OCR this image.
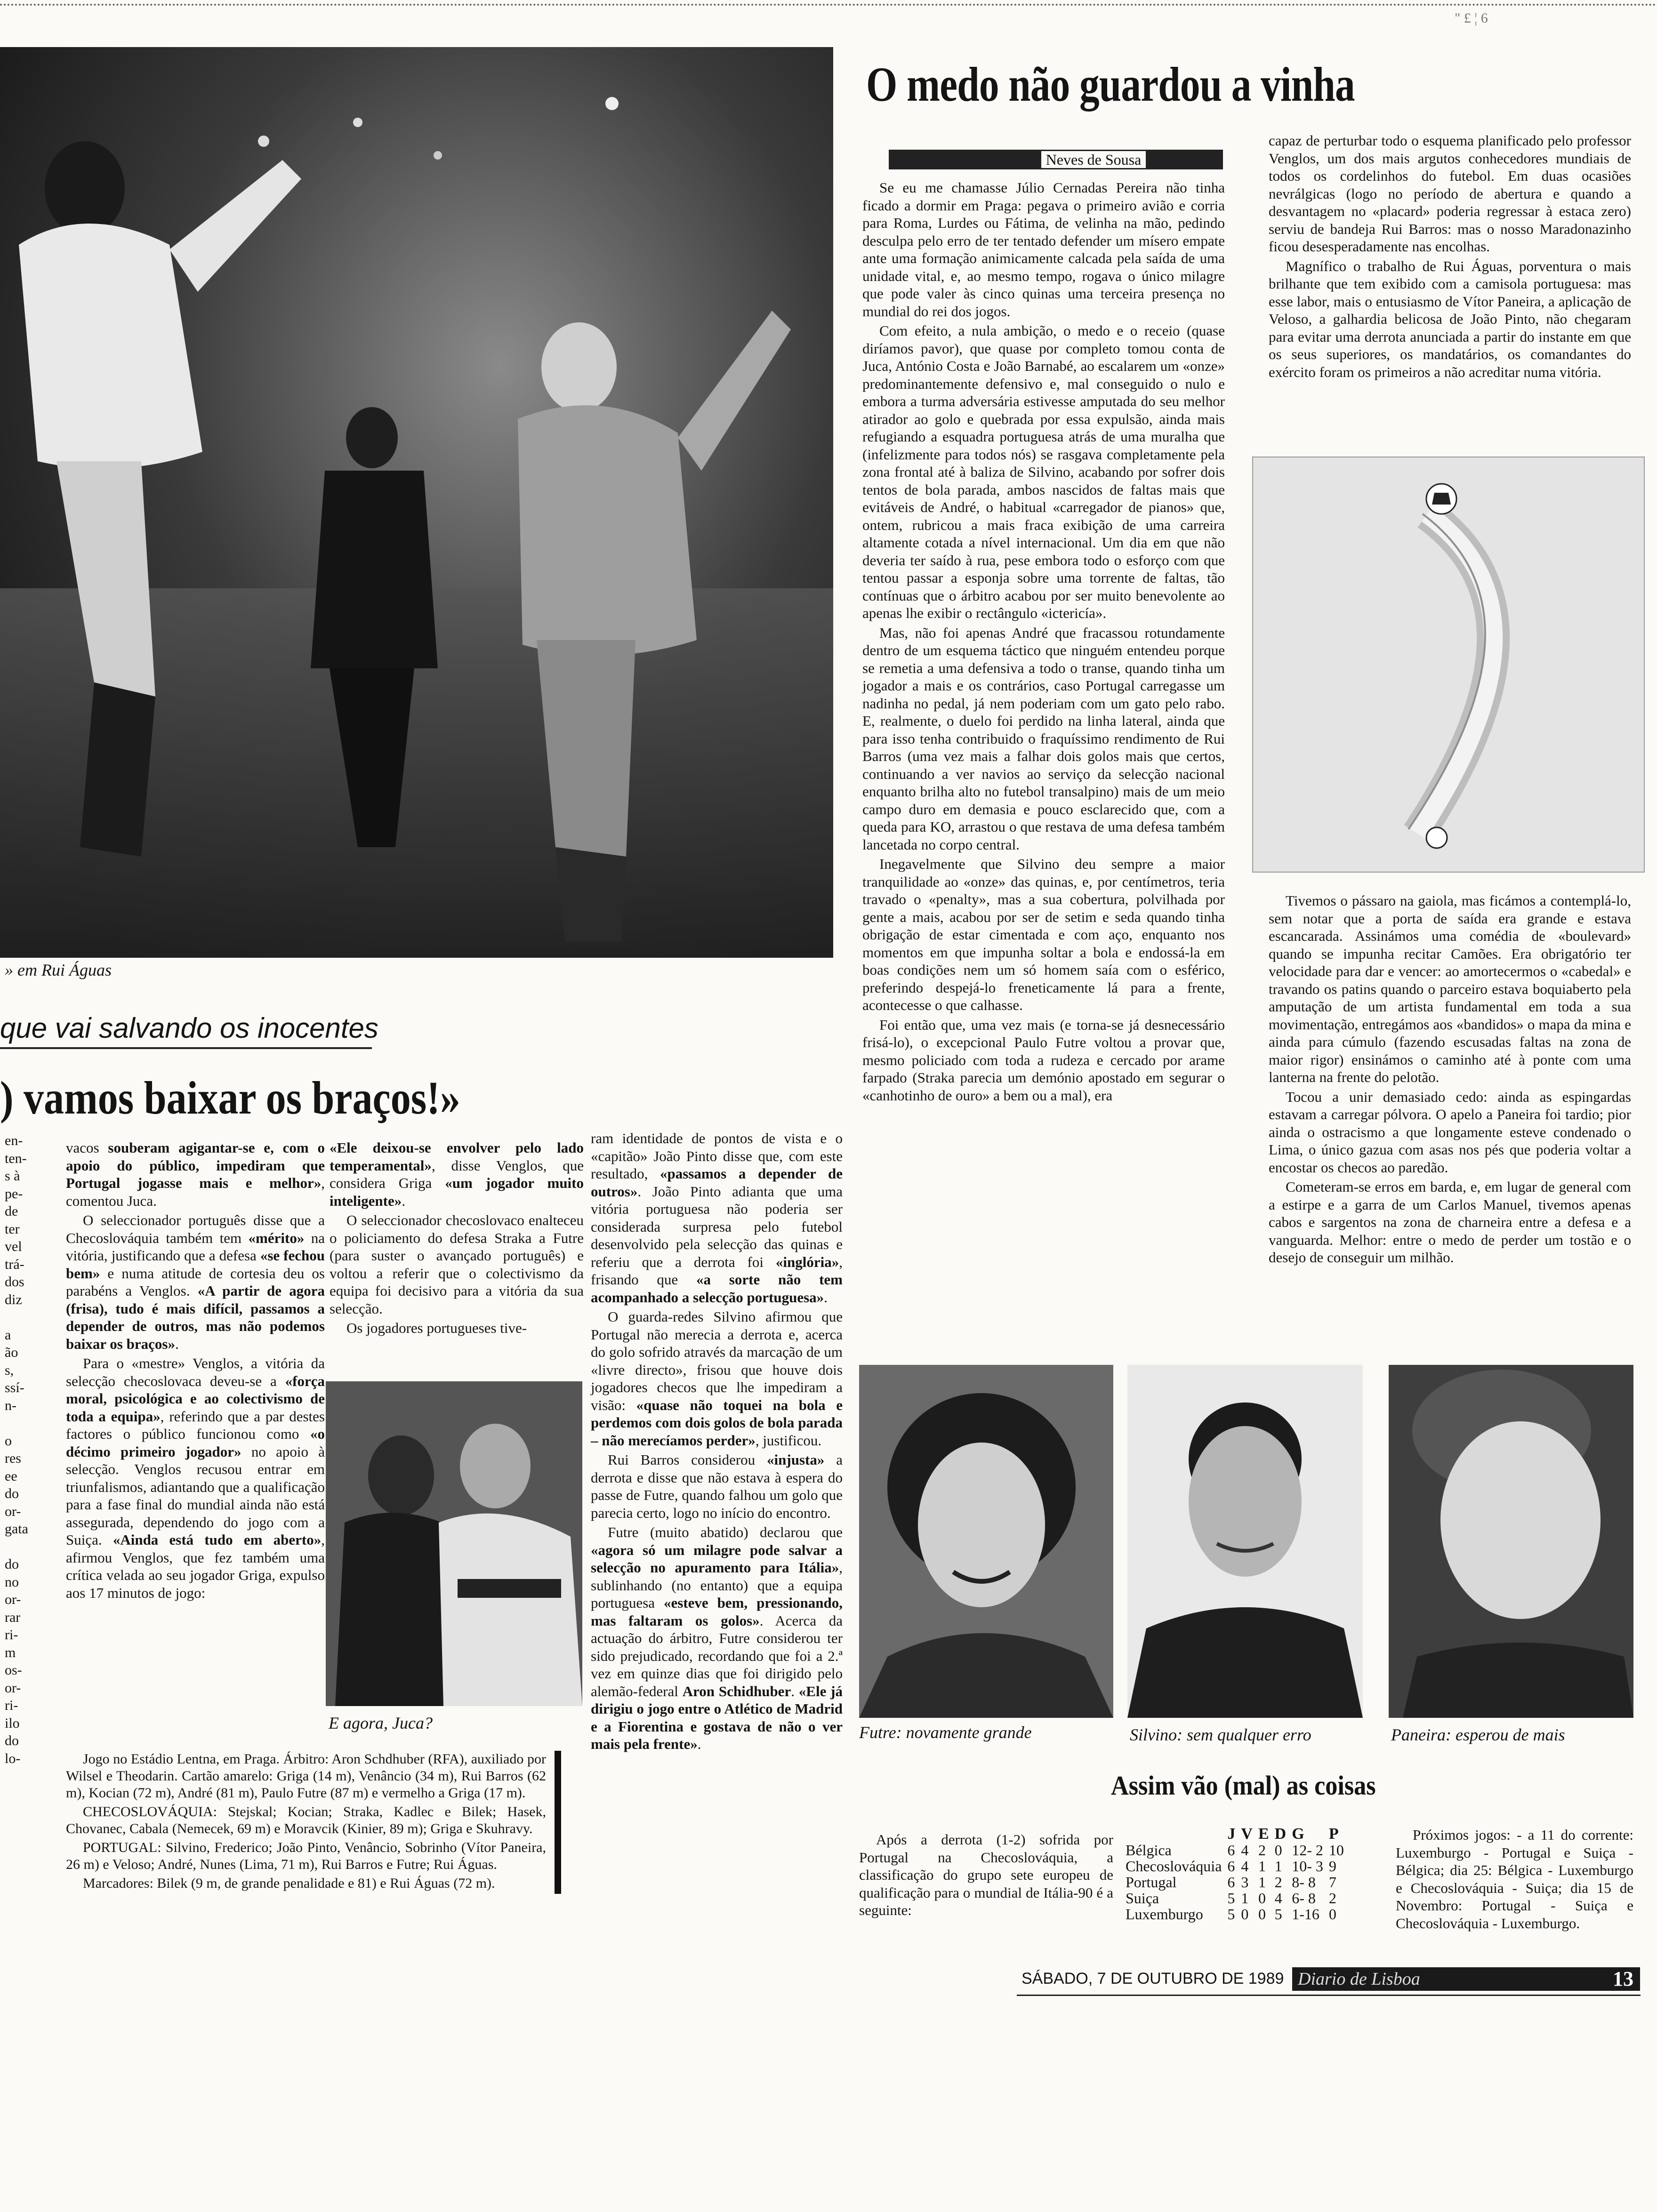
" £ ¦ 6
» em Rui Águas
O medo não guardou a vinha
Neves de Sousa

Se eu me chamasse Júlio Cernadas Pereira não tinha ficado a dormir em Praga: pegava o primeiro avião e corria para Roma, Lurdes ou Fátima, de velinha na mão, pedindo desculpa pelo erro de ter tentado defender um mísero empate ante uma formação animicamente calcada pela saída de uma unidade vital, e, ao mesmo tempo, rogava o único milagre que pode valer às cinco quinas uma terceira presença no mundial do rei dos jogos.

Com efeito, a nula ambição, o medo e o receio (quase diríamos pavor), que quase por completo tomou conta de Juca, António Costa e João Barnabé, ao escalarem um «onze» predominantemente defensivo e, mal conseguido o nulo e embora a turma adversária estivesse amputada do seu melhor atirador ao golo e quebrada por essa expulsão, ainda mais refugiando a esquadra portuguesa atrás de uma muralha que (infelizmente para todos nós) se rasgava completamente pela zona frontal até à baliza de Silvino, acabando por sofrer dois tentos de bola parada, ambos nascidos de faltas mais que evitáveis de André, o habitual «carregador de pianos» que, ontem, rubricou a mais fraca exibição de uma carreira altamente cotada a nível internacional. Um dia em que não deveria ter saído à rua, pese embora todo o esforço com que tentou passar a esponja sobre uma torrente de faltas, tão contínuas que o árbitro acabou por ser muito benevolente ao apenas lhe exibir o rectângulo «ictericía».

Mas, não foi apenas André que fracassou rotundamente dentro de um esquema táctico que ninguém entendeu porque se remetia a uma defensiva a todo o transe, quando tinha um jogador a mais e os contrários, caso Portugal carregasse um nadinha no pedal, já nem poderiam com um gato pelo rabo. E, realmente, o duelo foi perdido na linha lateral, ainda que para isso tenha contribuido o fraquíssimo rendimento de Rui Barros (uma vez mais a falhar dois golos mais que certos, continuando a ver navios ao serviço da selecção nacional enquanto brilha alto no futebol transalpino) mais de um meio campo duro em demasia e pouco esclarecido que, com a queda para KO, arrastou o que restava de uma defesa também lancetada no corpo central.

Inegavelmente que Silvino deu sempre a maior tranquilidade ao «onze» das quinas, e, por centímetros, teria travado o «penalty», mas a sua cobertura, polvilhada por gente a mais, acabou por ser de setim e seda quando tinha obrigação de estar cimentada e com aço, enquanto nos momentos em que impunha soltar a bola e endossá-la em boas condições nem um só homem saía com o esférico, preferindo despejá-lo freneticamente lá para a frente, acontecesse o que calhasse.

Foi então que, uma vez mais (e torna-se já desnecessário frisá-lo), o excepcional Paulo Futre voltou a provar que, mesmo policiado com toda a rudeza e cercado por arame farpado (Straka parecia um demónio apostado em segurar o «canhotinho de ouro» a bem ou a mal), era

capaz de perturbar todo o esquema planificado pelo professor Venglos, um dos mais argutos conhecedores mundiais de todos os cordelinhos do futebol. Em duas ocasiões nevrálgicas (logo no período de abertura e quando a desvantagem no «placard» poderia regressar à estaca zero) serviu de bandeja Rui Barros: mas o nosso Maradonazinho ficou desesperadamente nas encolhas.

Magnífico o trabalho de Rui Águas, porventura o mais brilhante que tem exibido com a camisola portuguesa: mas esse labor, mais o entusiasmo de Vítor Paneira, a aplicação de Veloso, a galhardia belicosa de João Pinto, não chegaram para evitar uma derrota anunciada a partir do instante em que os seus superiores, os mandatários, os comandantes do exército foram os primeiros a não acreditar numa vitória.

Tivemos o pássaro na gaiola, mas ficámos a contemplá-lo, sem notar que a porta de saída era grande e estava escancarada. Assinámos uma comédia de «boulevard» quando se impunha recitar Camões. Era obrigatório ter velocidade para dar e vencer: ao amortecermos o «cabedal» e travando os patins quando o parceiro estava boquiaberto pela amputação de um artista fundamental em toda a sua movimentação, entregámos aos «bandidos» o mapa da mina e ainda para cúmulo (fazendo escusadas faltas na zona de maior rigor) ensinámos o caminho até à ponte com uma lanterna na frente do pelotão.

Tocou a unir demasiado cedo: ainda as espingardas estavam a carregar pólvora. O apelo a Paneira foi tardio; pior ainda o ostracismo a que longamente esteve condenado o Lima, o único gazua com asas nos pés que poderia voltar a encostar os checos ao paredão.

Cometeram-se erros em barda, e, em lugar de general com a estirpe e a garra de um Carlos Manuel, tivemos apenas cabos e sargentos na zona de charneira entre a defesa e a vanguarda. Melhor: entre o medo de perder um tostão e o desejo de conseguir um milhão.

que vai salvando os inocentes
) vamos baixar os braços!»
en-
ten-
s à
pe-
de
ter
vel
trá-
dos
diz

a
ão
s,
ssí-
n-

o
res
ee
do
or-
gata

do
no
or-
rar
ri-
m
os-
or-
ri-
ilo
do
lo-

vacos souberam agigantar-se e, com o apoio do público, impediram que Portugal jogasse mais e melhor», comentou Juca.

O seleccionador português disse que a Checoslováquia também tem «mérito» na vitória, justificando que a defesa «se fechou bem» e numa atitude de cortesia deu os parabéns a Venglos. «A partir de agora (frisa), tudo é mais difícil, passamos a depender de outros, mas não podemos baixar os braços».

Para o «mestre» Venglos, a vitória da selecção checoslovaca deveu-se a «força moral, psicológica e ao colectivismo de toda a equipa», referindo que a par destes factores o público funcionou como «o décimo primeiro jogador» no apoio à selecção. Venglos recusou entrar em triunfalismos, adiantando que a qualificação para a fase final do mundial ainda não está assegurada, dependendo do jogo com a Suiça. «Ainda está tudo em aberto», afirmou Venglos, que fez também uma crítica velada ao seu jogador Griga, expulso aos 17 minutos de jogo:

«Ele deixou-se envolver pelo lado temperamental», disse Venglos, que considera Griga «um jogador muito inteligente».

O seleccionador checoslovaco enalteceu o policiamento do defesa Straka a Futre (para suster o avançado português) e voltou a referir que o colectivismo da equipa foi decisivo para a vitória da sua selecção.

Os jogadores portugueses tive-

E agora, Juca?

ram identidade de pontos de vista e o «capitão» João Pinto disse que, com este resultado, «passamos a depender de outros». João Pinto adianta que uma vitória portuguesa não poderia ser considerada surpresa pelo futebol desenvolvido pela selecção das quinas e referiu que a derrota foi «inglória», frisando que «a sorte não tem acompanhado a selecção portuguesa».

O guarda-redes Silvino afirmou que Portugal não merecia a derrota e, acerca do golo sofrido através da marcação de um «livre directo», frisou que houve dois jogadores checos que lhe impediram a visão: «quase não toquei na bola e perdemos com dois golos de bola parada – não merecíamos perder», justificou.

Rui Barros considerou «injusta» a derrota e disse que não estava à espera do passe de Futre, quando falhou um golo que parecia certo, logo no início do encontro.

Futre (muito abatido) declarou que «agora só um milagre pode salvar a selecção no apuramento para Itália», sublinhando (no entanto) que a equipa portuguesa «esteve bem, pressionando, mas faltaram os golos». Acerca da actuação do árbitro, Futre considerou ter sido prejudicado, recordando que foi a 2.ª vez em quinze dias que foi dirigido pelo alemão-federal Aron Schidhuber. «Ele já dirigiu o jogo entre o Atlético de Madrid e a Fiorentina e gostava de não o ver mais pela frente».

Jogo no Estádio Lentna, em Praga. Árbitro: Aron Schdhuber (RFA), auxiliado por Wilsel e Theodarin. Cartão amarelo: Griga (14 m), Venâncio (34 m), Rui Barros (62 m), Kocian (72 m), André (81 m), Paulo Futre (87 m) e vermelho a Griga (17 m).

CHECOSLOVÁQUIA: Stejskal; Kocian; Straka, Kadlec e Bilek; Hasek, Chovanec, Cabala (Nemecek, 69 m) e Moravcik (Kinier, 89 m); Griga e Skuhravy.

PORTUGAL: Silvino, Frederico; João Pinto, Venâncio, Sobrinho (Vítor Paneira, 26 m) e Veloso; André, Nunes (Lima, 71 m), Rui Barros e Futre; Rui Águas.

Marcadores: Bilek (9 m, de grande penalidade e 81) e Rui Águas (72 m).

Futre: novamente grande	Silvino: sem qualquer erro	Paneira: esperou de mais
Assim vão (mal) as coisas
Após a derrota (1-2) sofrida por Portugal na Checoslováquia, a classificação do grupo sete europeu de qualificação para o mundial de Itália-90 é a seguinte:
	J	V	E	D	G	P
Bélgica	6	4	2	0	12- 2	10
Checoslováquia	6	4	1	1	10- 3	9
Portugal	6	3	1	2	8- 8	7
Suiça	5	1	0	4	6- 8	2
Luxemburgo	5	0	0	5	1-16	0
Próximos jogos: - a 11 do corrente: Luxemburgo - Portugal e Suiça - Bélgica; dia 25: Bélgica - Luxemburgo e Checoslováquia - Suiça; dia 15 de Novembro: Portugal - Suiça e Checoslováquia - Luxemburgo.
SÁBADO, 7 DE OUTUBRO DE 1989 Diario de Lisboa	13
